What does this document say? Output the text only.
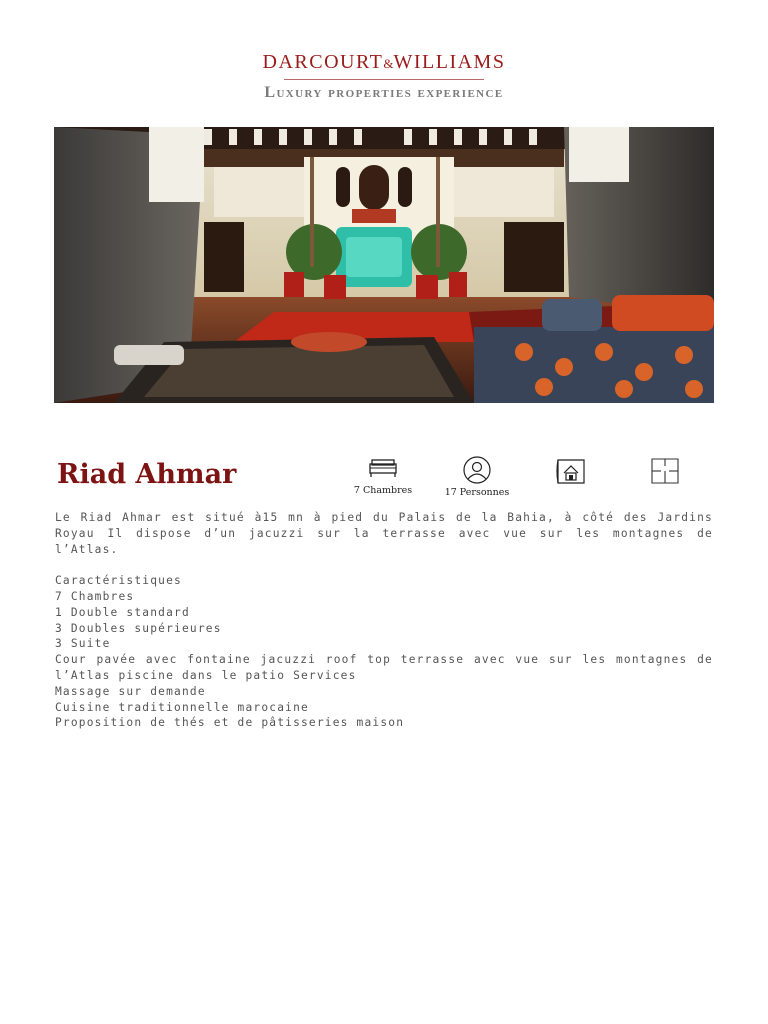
DARCOURT&WILLIAMS
Luxury properties experience
Riad Ahmar
7 Chambres	17 Personnes

Le Riad Ahmar est situé à15 mn à pied du Palais de la Bahia, à côté des Jardins Royau Il dispose d’un jacuzzi sur la terrasse avec vue sur les montagnes de l’Atlas.

Caractéristiques

7 Chambres

1 Double standard

3 Doubles supérieures

3 Suite

Cour pavée avec fontaine jacuzzi roof top terrasse avec vue sur les montagnes de l’Atlas piscine dans le patio Services

Massage sur demande

Cuisine traditionnelle marocaine

Proposition de thés et de pâtisseries maison
